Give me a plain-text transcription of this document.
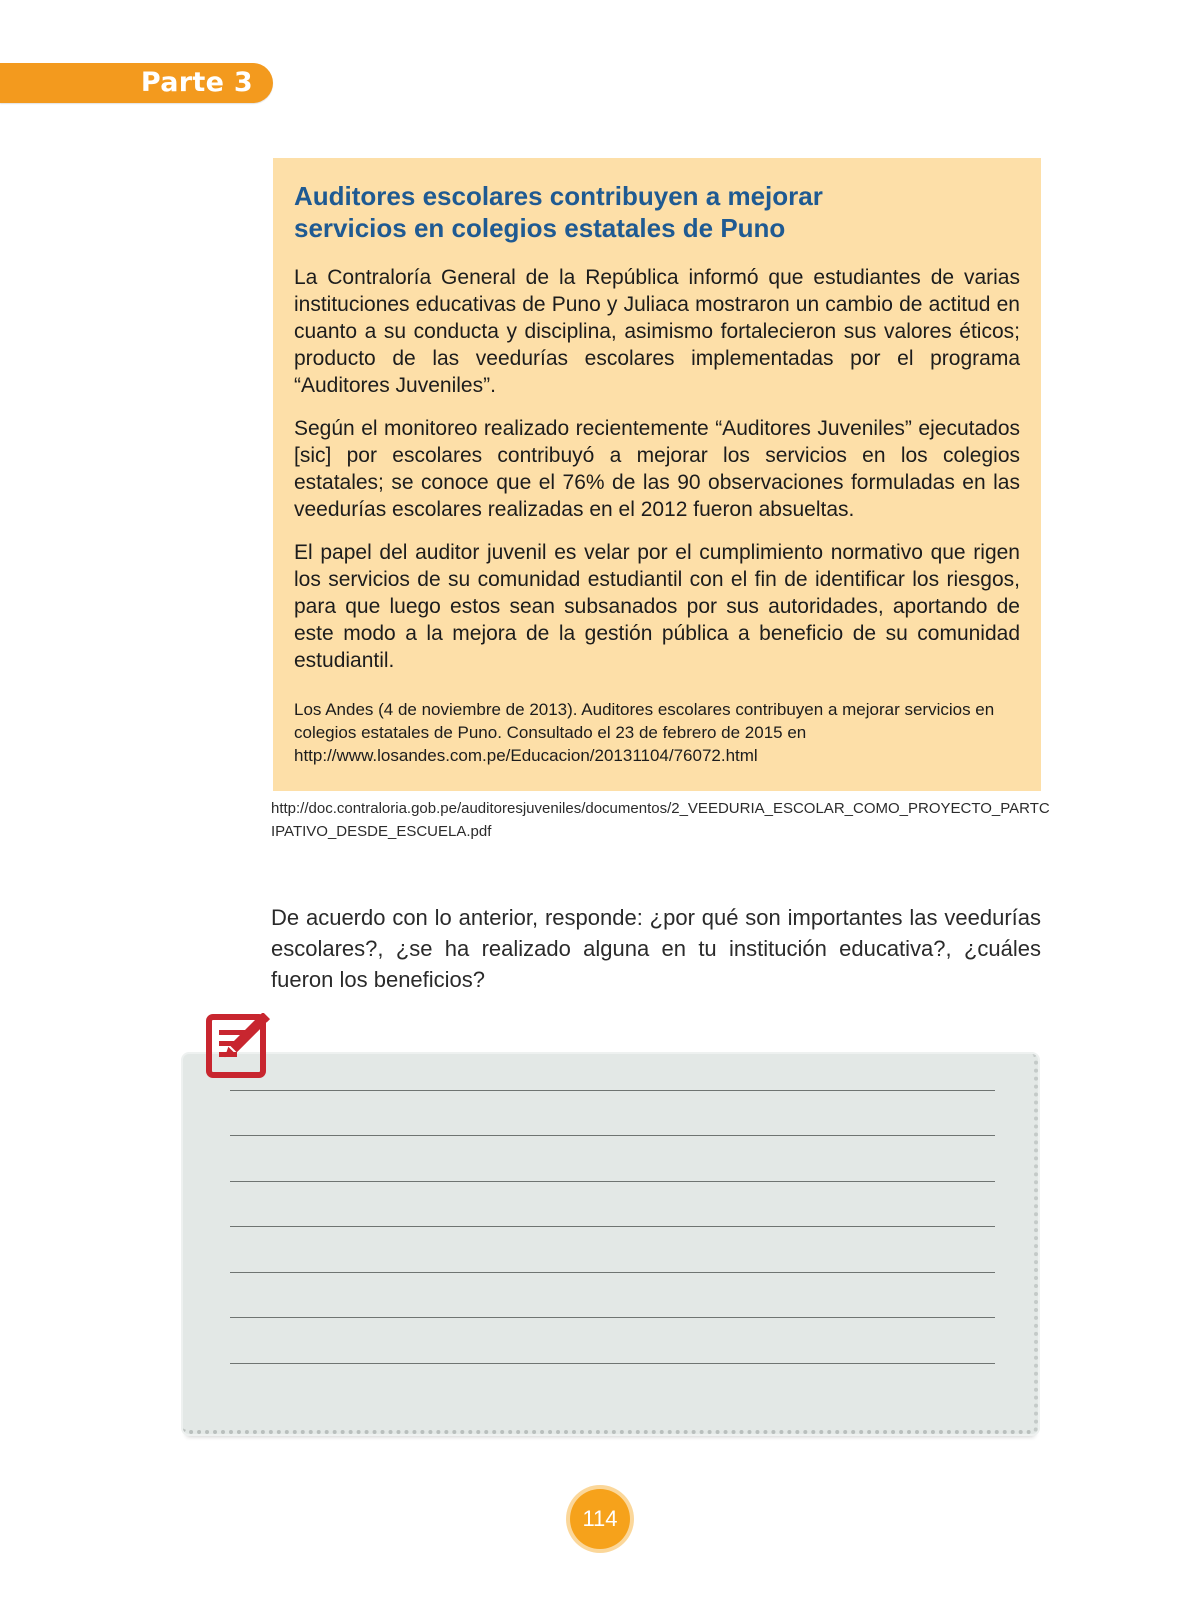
Parte 3
Auditores escolares contribuyen a mejorar servicios en colegios estatales de Puno

La Contraloría General de la República informó que estudiantes de varias instituciones educativas de Puno y Juliaca mostraron un cambio de actitud en cuanto a su conducta y disciplina, asimismo fortalecieron sus valores éticos; producto de las veedurías escolares implementadas por el programa “Auditores Juveniles”.

Según el monitoreo realizado recientemente “Auditores Juveniles” ejecutados [sic] por escolares contribuyó a mejorar los servicios en los colegios estatales; se conoce que el 76% de las 90 observaciones formuladas en las veedurías escolares realizadas en el 2012 fueron absueltas.

El papel del auditor juvenil es velar por el cumplimiento normativo que rigen los servicios de su comunidad estudiantil con el fin de identificar los riesgos, para que luego estos sean subsanados por sus autoridades, aportando de este modo a la mejora de la gestión pública a beneficio de su comunidad estudiantil.

Los Andes (4 de noviembre de 2013). Auditores escolares contribuyen a mejorar servicios en colegios estatales de Puno. Consultado el 23 de febrero de 2015 en http://www.losandes.com.pe/Educacion/20131104/76072.html

http://doc.contraloria.gob.pe/auditoresjuveniles/documentos/2_VEEDURIA_ESCOLAR_COMO_PROYECTO_PARTCIPATIVO_DESDE_ESCUELA.pdf
De acuerdo con lo anterior, responde: ¿por qué son importantes las veedurías escolares?, ¿se ha realizado alguna en tu institución educativa?, ¿cuáles fueron los beneficios?
114
